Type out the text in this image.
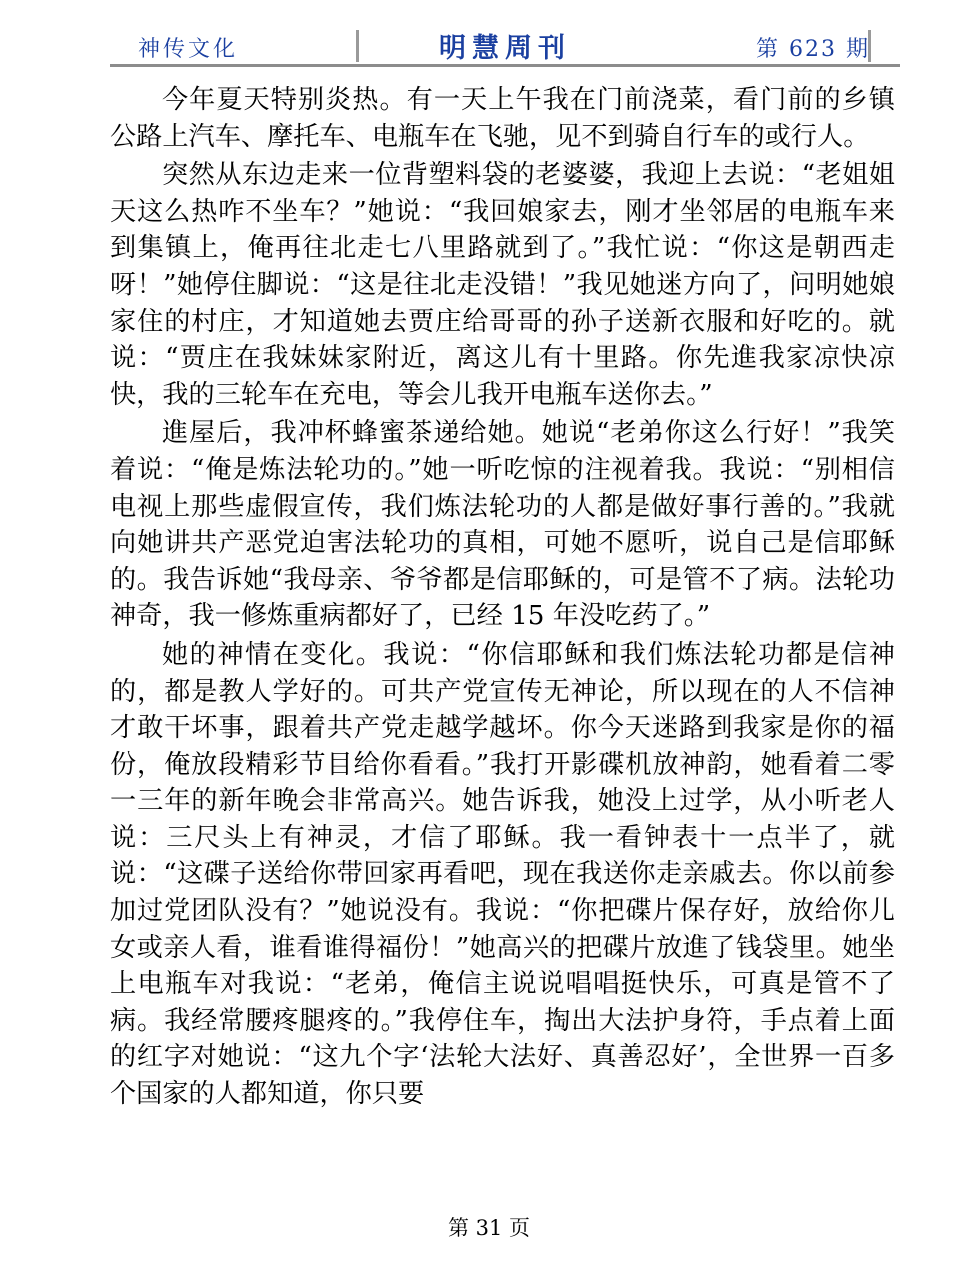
神传文化	明慧周刊	第 623 期

今年夏天特别炎热。有一天上午我在门前浇菜，看门前的乡镇公路上汽车、摩托车、电瓶车在飞驰，见不到骑自行车的或行人。

突然从东边走来一位背塑料袋的老婆婆，我迎上去说：“老姐姐天这么热咋不坐车？”她说：“我回娘家去，刚才坐邻居的电瓶车来到集镇上，俺再往北走七八里路就到了。”我忙说：“你这是朝西走呀！”她停住脚说：“这是往北走没错！”我见她迷方向了，问明她娘家住的村庄，才知道她去贾庄给哥哥的孙子送新衣服和好吃的。就说：“贾庄在我妹妹家附近，离这儿有十里路。你先進我家凉快凉快，我的三轮车在充电，等会儿我开电瓶车送你去。”

進屋后，我冲杯蜂蜜茶递给她。她说“老弟你这么行好！”我笑着说：“俺是炼法轮功的。”她一听吃惊的注视着我。我说：“别相信电视上那些虚假宣传，我们炼法轮功的人都是做好事行善的。”我就向她讲共产恶党迫害法轮功的真相，可她不愿听，说自己是信耶稣的。我告诉她“我母亲、爷爷都是信耶稣的，可是管不了病。法轮功神奇，我一修炼重病都好了，已经 15 年没吃药了。”

她的神情在变化。我说：“你信耶稣和我们炼法轮功都是信神的，都是教人学好的。可共产党宣传无神论，所以现在的人不信神才敢干坏事，跟着共产党走越学越坏。你今天迷路到我家是你的福份，俺放段精彩节目给你看看。”我打开影碟机放神韵，她看着二零一三年的新年晚会非常高兴。她告诉我，她没上过学，从小听老人说：三尺头上有神灵，才信了耶稣。我一看钟表十一点半了，就说：“这碟子送给你带回家再看吧，现在我送你走亲戚去。你以前参加过党团队没有？”她说没有。我说：“你把碟片保存好，放给你儿女或亲人看，谁看谁得福份！”她高兴的把碟片放進了钱袋里。她坐上电瓶车对我说：“老弟，俺信主说说唱唱挺快乐，可真是管不了病。我经常腰疼腿疼的。”我停住车，掏出大法护身符，手点着上面的红字对她说：“这九个字‘法轮大法好、真善忍好’，全世界一百多个国家的人都知道，你只要

第 31 页
